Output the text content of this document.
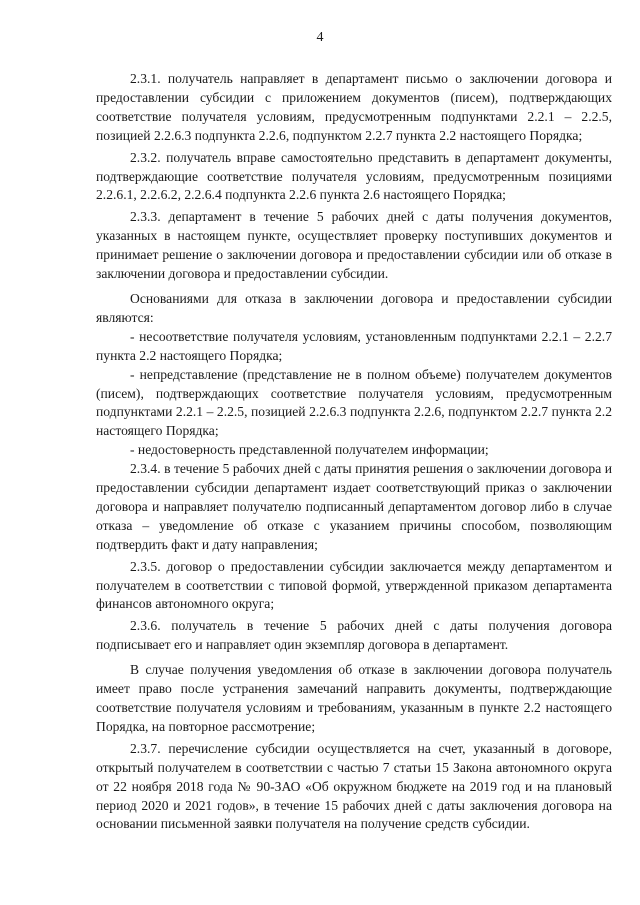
4

2.3.1. получатель направляет в департамент письмо о заключении договора и предоставлении субсидии с приложением документов (писем), подтверждающих соответствие получателя условиям, предусмотренным подпунктами 2.2.1 – 2.2.5, позицией 2.2.6.3 подпункта 2.2.6, подпунктом 2.2.7 пункта 2.2 настоящего Порядка;

2.3.2. получатель вправе самостоятельно представить в департамент документы, подтверждающие соответствие получателя условиям, предусмотренным позициями 2.2.6.1, 2.2.6.2, 2.2.6.4 подпункта 2.2.6 пункта 2.6 настоящего Порядка;

2.3.3. департамент в течение 5 рабочих дней с даты получения документов, указанных в настоящем пункте, осуществляет проверку поступивших документов и принимает решение о заключении договора и предоставлении субсидии или об отказе в заключении договора и предоставлении субсидии.

Основаниями для отказа в заключении договора и предоставлении субсидии являются:

- несоответствие получателя условиям, установленным подпунктами 2.2.1 – 2.2.7 пункта 2.2 настоящего Порядка;

- непредставление (представление не в полном объеме) получателем документов (писем), подтверждающих соответствие получателя условиям, предусмотренным подпунктами 2.2.1 – 2.2.5, позицией 2.2.6.3 подпункта 2.2.6, подпунктом 2.2.7 пункта 2.2 настоящего Порядка;

- недостоверность представленной получателем информации;

2.3.4. в течение 5 рабочих дней с даты принятия решения о заключении договора и предоставлении субсидии департамент издает соответствующий приказ о заключении договора и направляет получателю подписанный департаментом договор либо в случае отказа – уведомление об отказе с указанием причины способом, позволяющим подтвердить факт и дату направления;

2.3.5. договор о предоставлении субсидии заключается между департаментом и получателем в соответствии с типовой формой, утвержденной приказом департамента финансов автономного округа;

2.3.6. получатель в течение 5 рабочих дней с даты получения договора подписывает его и направляет один экземпляр договора в департамент.

В случае получения уведомления об отказе в заключении договора получатель имеет право после устранения замечаний направить документы, подтверждающие соответствие получателя условиям и требованиям, указанным в пункте 2.2 настоящего Порядка, на повторное рассмотрение;

2.3.7. перечисление субсидии осуществляется на счет, указанный в договоре, открытый получателем в соответствии с частью 7 статьи 15 Закона автономного округа от 22 ноября 2018 года № 90-ЗАО «Об окружном бюджете на 2019 год и на плановый период 2020 и 2021 годов», в течение 15 рабочих дней с даты заключения договора на основании письменной заявки получателя на получение средств субсидии.
